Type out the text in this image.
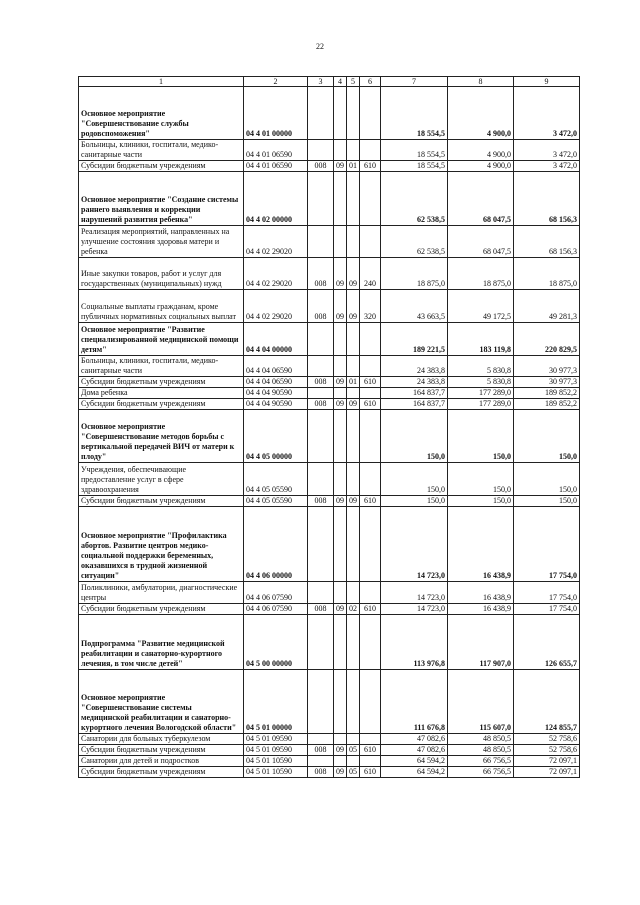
22
1	2	3	4	5	6	7	8	9
Основное мероприятие "Совершенствование службы родовспоможения"	04 4 01 00000					18 554,5	4 900,0	3 472,0
Больницы, клиники, госпитали, медико-санитарные части	04 4 01 06590					18 554,5	4 900,0	3 472,0
Субсидии бюджетным учреждениям	04 4 01 06590	008	09	01	610	18 554,5	4 900,0	3 472,0
Основное мероприятие "Создание системы раннего выявления и коррекции нарушений развития ребенка"	04 4 02 00000					62 538,5	68 047,5	68 156,3
Реализация мероприятий, направленных на улучшение состояния здоровья матери и ребенка	04 4 02 29020					62 538,5	68 047,5	68 156,3
Иные закупки товаров, работ и услуг для государственных (муниципальных) нужд	04 4 02 29020	008	09	09	240	18 875,0	18 875,0	18 875,0
Социальные выплаты гражданам, кроме публичных нормативных социальных выплат	04 4 02 29020	008	09	09	320	43 663,5	49 172,5	49 281,3
Основное мероприятие "Развитие специализированной медицинской помощи детям"	04 4 04 00000					189 221,5	183 119,8	220 829,5
Больницы, клиники, госпитали, медико-санитарные части	04 4 04 06590					24 383,8	5 830,8	30 977,3
Субсидии бюджетным учреждениям	04 4 04 06590	008	09	01	610	24 383,8	5 830,8	30 977,3
Дома ребенка	04 4 04 90590					164 837,7	177 289,0	189 852,2
Субсидии бюджетным учреждениям	04 4 04 90590	008	09	09	610	164 837,7	177 289,0	189 852,2
Основное мероприятие "Совершенствование методов борьбы с вертикальной передачей ВИЧ от матери к плоду"	04 4 05 00000					150,0	150,0	150,0
Учреждения, обеспечивающие предоставление услуг в сфере здравоохранения	04 4 05 05590					150,0	150,0	150,0
Субсидии бюджетным учреждениям	04 4 05 05590	008	09	09	610	150,0	150,0	150,0
Основное мероприятие "Профилактика абортов. Развитие центров медико-социальной поддержки беременных, оказавшихся в трудной жизненной ситуации"	04 4 06 00000					14 723,0	16 438,9	17 754,0
Поликлиники, амбулатории, диагностические центры	04 4 06 07590					14 723,0	16 438,9	17 754,0
Субсидии бюджетным учреждениям	04 4 06 07590	008	09	02	610	14 723,0	16 438,9	17 754,0
Подпрограмма "Развитие медицинской реабилитации и санаторно-курортного лечения, в том числе детей"	04 5 00 00000					113 976,8	117 907,0	126 655,7
Основное мероприятие "Совершенствование системы медицинской реабилитации и санаторно-курортного лечения Вологодской области"	04 5 01 00000					111 676,8	115 607,0	124 855,7
Санатории для больных туберкулезом	04 5 01 09590					47 082,6	48 850,5	52 758,6
Субсидии бюджетным учреждениям	04 5 01 09590	008	09	05	610	47 082,6	48 850,5	52 758,6
Санатории для детей и подростков	04 5 01 10590					64 594,2	66 756,5	72 097,1
Субсидии бюджетным учреждениям	04 5 01 10590	008	09	05	610	64 594,2	66 756,5	72 097,1
